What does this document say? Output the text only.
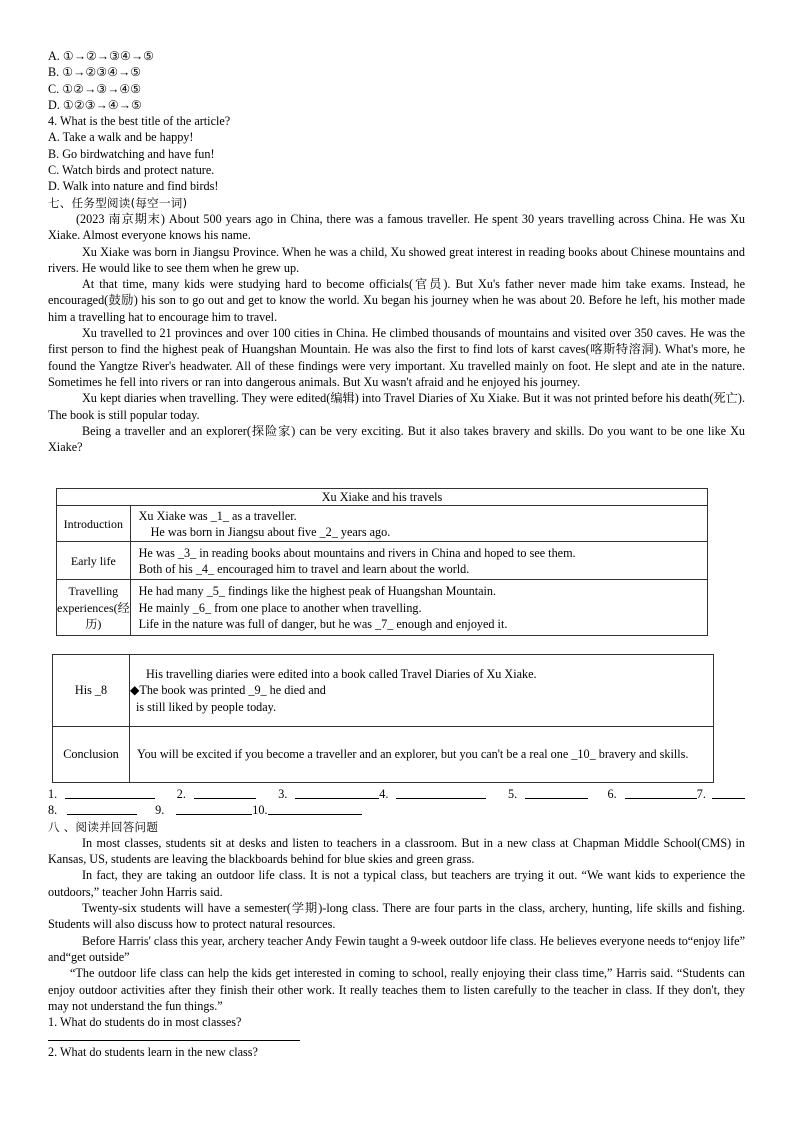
A. ①→②→③④→⑤
B. ①→②③④→⑤
C. ①②→③→④⑤
D. ①②③→④→⑤
4. What is the best title of the article?
A. Take a walk and be happy!
B. Go birdwatching and have fun!
C. Watch birds and protect nature.
D. Walk into nature and find birds!
七、任务型阅读(每空一词)

(2023 南京期末) About 500 years ago in China, there was a famous traveller. He spent 30 years travelling across China. He was Xu Xiake. Almost everyone knows his name.

Xu Xiake was born in Jiangsu Province. When he was a child, Xu showed great interest in reading books about Chinese mountains and rivers. He would like to see them when he grew up.

At that time, many kids were studying hard to become officials(官员). But Xu's father never made him take exams. Instead, he encouraged(鼓励) his son to go out and get to know the world. Xu began his journey when he was about 20. Before he left, his mother made him a travelling hat to encourage him to travel.

Xu travelled to 21 provinces and over 100 cities in China. He climbed thousands of mountains and visited over 350 caves. He was the first person to find the highest peak of Huangshan Mountain. He was also the first to find lots of karst caves(喀斯特溶洞). What's more, he found the Yangtze River's headwater. All of these findings were very important. Xu travelled mainly on foot. He slept and ate in the nature. Sometimes he fell into rivers or ran into dangerous animals. But Xu wasn't afraid and he enjoyed his journey.

Xu kept diaries when travelling. They were edited(编辑) into Travel Diaries of Xu Xiake. But it was not printed before his death(死亡). The book is still popular today.

Being a traveller and an explorer(探险家) can be very exciting. But it also takes bravery and skills. Do you want to be one like Xu Xiake?

Xu Xiake and his travels	
Introduction	Xu Xiake was _1_ as a traveller.
He was born in Jiangsu about five _2_ years ago.

Early life	He was _3_ in reading books about mountains and rivers in China and hoped to see them.
Both of his _4_ encouraged him to travel and learn about the world.

Travelling experiences(经历)	He had many _5_ findings like the highest peak of Huangshan Mountain.
He mainly _6_ from one place to another when travelling.
Life in the nature was full of danger, but he was _7_ enough and enjoyed it.
His _8	His travelling diaries were edited into a book called Travel Diaries of Xu Xiake.
◆The book was printed _9_ he died and
is still liked by people today.

Conclusion	You will be excited if you become a traveller and an explorer, but you can't be a real one _10_ bravery and skills.
1.	2.	3.	4.	5.	6.	7.
8.	9.	10.
八 、阅读并回答问题

In most classes, students sit at desks and listen to teachers in a classroom. But in a new class at Chapman Middle School(CMS) in Kansas, US, students are leaving the blackboards behind for blue skies and green grass.

In fact, they are taking an outdoor life class. It is not a typical class, but teachers are trying it out. “We want kids to experience the outdoors,” teacher John Harris said.

Twenty-six students will have a semester(学期)-long class. There are four parts in the class, archery, hunting, life skills and fishing. Students will also discuss how to protect natural resources.

Before Harris' class this year, archery teacher Andy Fewin taught a 9-week outdoor life class. He believes everyone needs to“enjoy life” and“get outside”

“The outdoor life class can help the kids get interested in coming to school, really enjoying their class time,” Harris said. “Students can enjoy outdoor activities after they finish their other work. It really teaches them to listen carefully to the teacher in class. If they don't, they may not understand the fun things.”

1. What do students do in most classes?
2. What do students learn in the new class?
